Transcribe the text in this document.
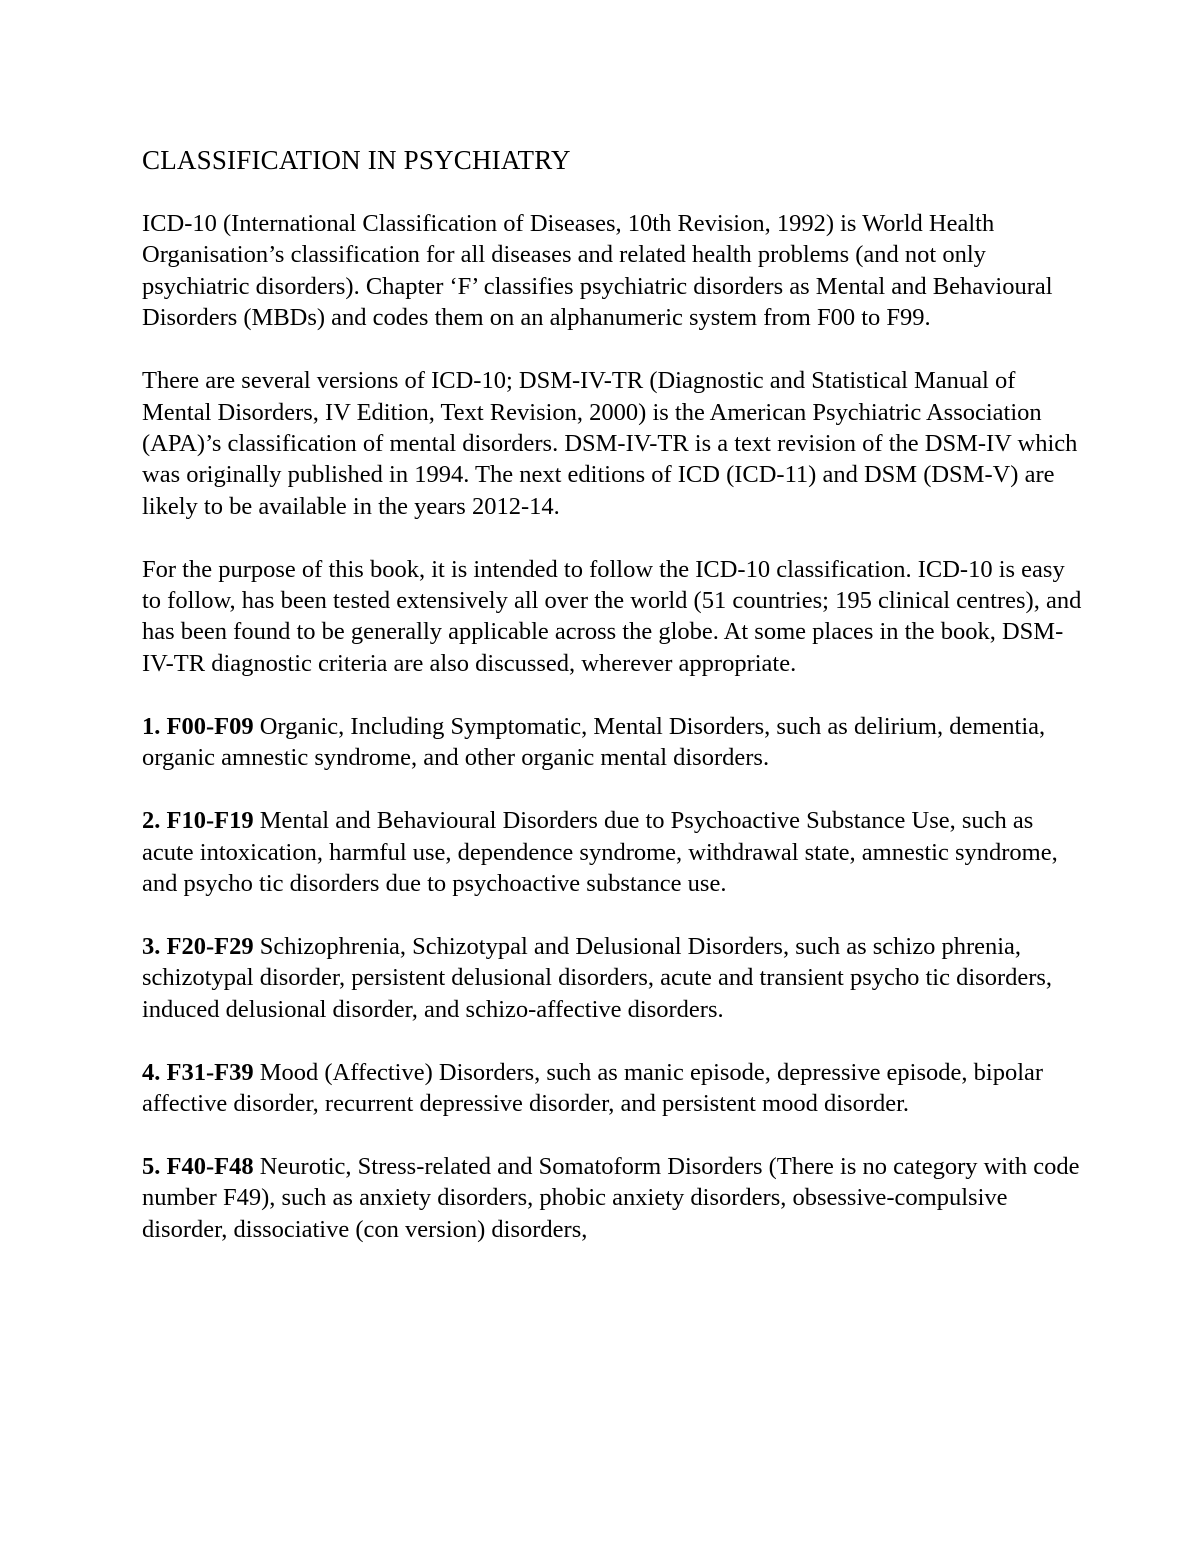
CLASSIFICATION IN PSYCHIATRY

ICD-10 (International Classification of Diseases, 10th Revision, 1992) is World Health Organisation’s classification for all diseases and related health problems (and not only psychiatric disorders). Chapter ‘F’ classifies psychiatric disorders as Mental and Behavioural Disorders (MBDs) and codes them on an alphanumeric system from F00 to F99.

There are several versions of ICD-10; DSM-IV-TR (Diagnostic and Statistical Manual of Mental Disorders, IV Edition, Text Revision, 2000) is the American Psychiatric Association (APA)’s classification of mental disorders. DSM-IV-TR is a text revision of the DSM-IV which was originally published in 1994. The next editions of ICD (ICD-11) and DSM (DSM-V) are likely to be available in the years 2012-14.

For the purpose of this book, it is intended to follow the ICD-10 classification. ICD-10 is easy to follow, has been tested extensively all over the world (51 countries; 195 clinical centres), and has been found to be generally applicable across the globe. At some places in the book, DSM-IV-TR diagnostic criteria are also discussed, wherever appropriate.

1. F00-F09 Organic, Including Symptomatic, Mental Disorders, such as delirium, dementia, organic amnestic syndrome, and other organic mental disorders.

2. F10-F19 Mental and Behavioural Disorders due to Psychoactive Substance Use, such as acute intoxication, harmful use, dependence syndrome, withdrawal state, amnestic syndrome, and psycho tic disorders due to psychoactive substance use.

3. F20-F29 Schizophrenia, Schizotypal and Delusional Disorders, such as schizo phrenia, schizotypal disorder, persistent delusional disorders, acute and transient psycho tic disorders, induced delusional disorder, and schizo-affective disorders.

4. F31-F39 Mood (Affective) Disorders, such as manic episode, depressive episode, bipolar affective disorder, recurrent depressive disorder, and persistent mood disorder.

5. F40-F48 Neurotic, Stress-related and Somatoform Disorders (There is no category with code number F49), such as anxiety disorders, phobic anxiety disorders, obsessive-compulsive disorder, dissociative (con version) disorders,
